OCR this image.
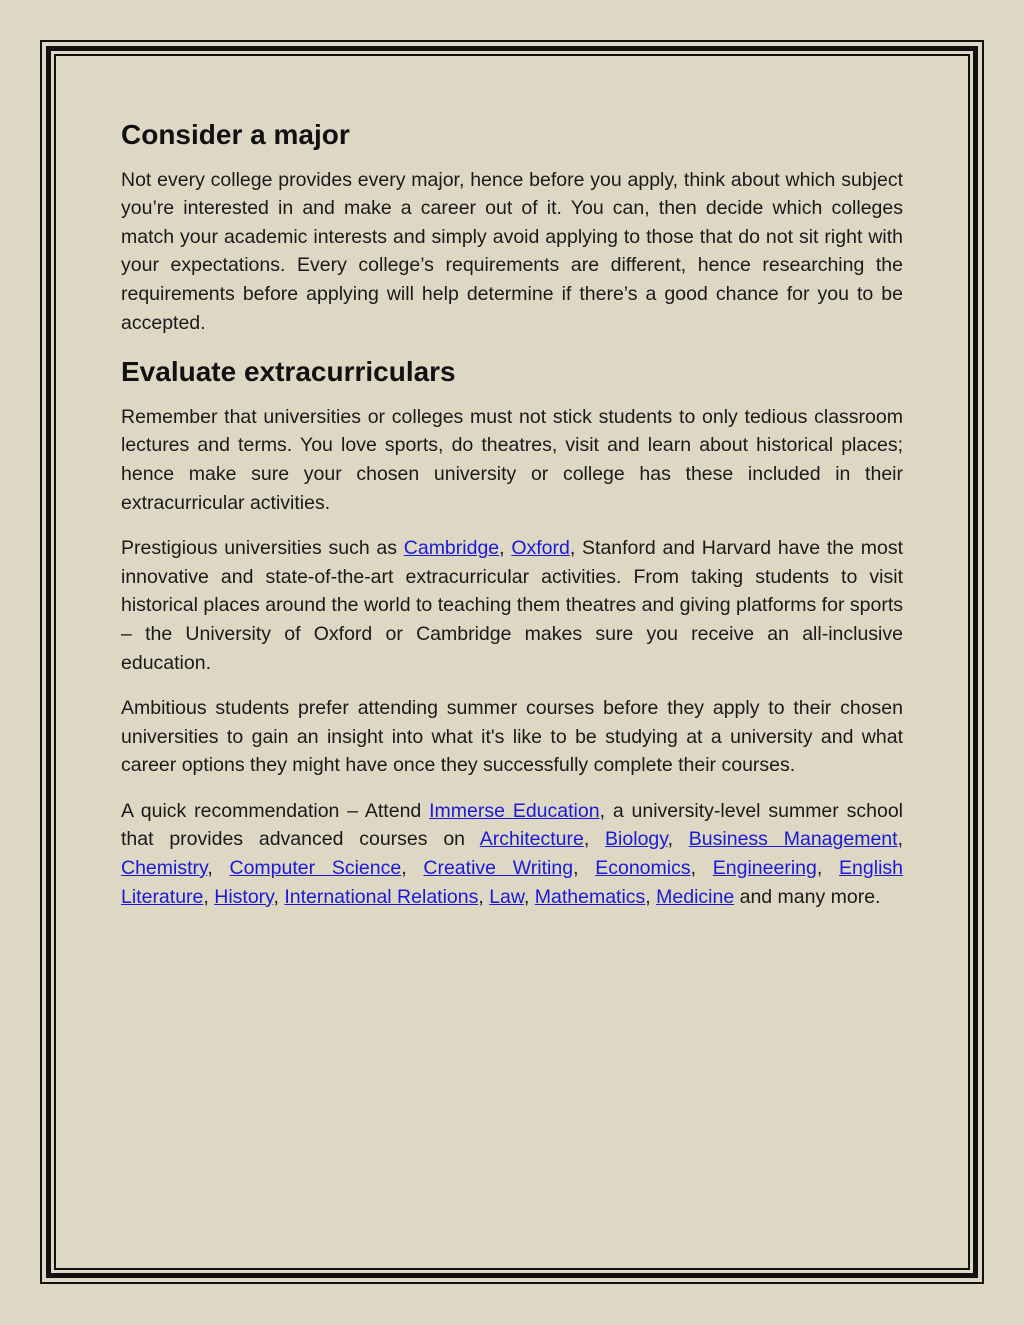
Consider a major

Not every college provides every major, hence before you apply, think about which subject you’re interested in and make a career out of it. You can, then decide which colleges match your academic interests and simply avoid applying to those that do not sit right with your expectations. Every college’s requirements are different, hence researching the requirements before applying will help determine if there’s a good chance for you to be accepted.

Evaluate extracurriculars

Remember that universities or colleges must not stick students to only tedious classroom lectures and terms. You love sports, do theatres, visit and learn about historical places; hence make sure your chosen university or college has these included in their extracurricular activities.

Prestigious universities such as Cambridge, Oxford, Stanford and Harvard have the most innovative and state-of-the-art extracurricular activities. From taking students to visit historical places around the world to teaching them theatres and giving platforms for sports – the University of Oxford or Cambridge makes sure you receive an all-inclusive education.

Ambitious students prefer attending summer courses before they apply to their chosen universities to gain an insight into what it's like to be studying at a university and what career options they might have once they successfully complete their courses.

A quick recommendation – Attend Immerse Education, a university-level summer school that provides advanced courses on Architecture, Biology, Business Management, Chemistry, Computer Science, Creative Writing, Economics, Engineering, English Literature, History, International Relations, Law, Mathematics, Medicine and many more.
